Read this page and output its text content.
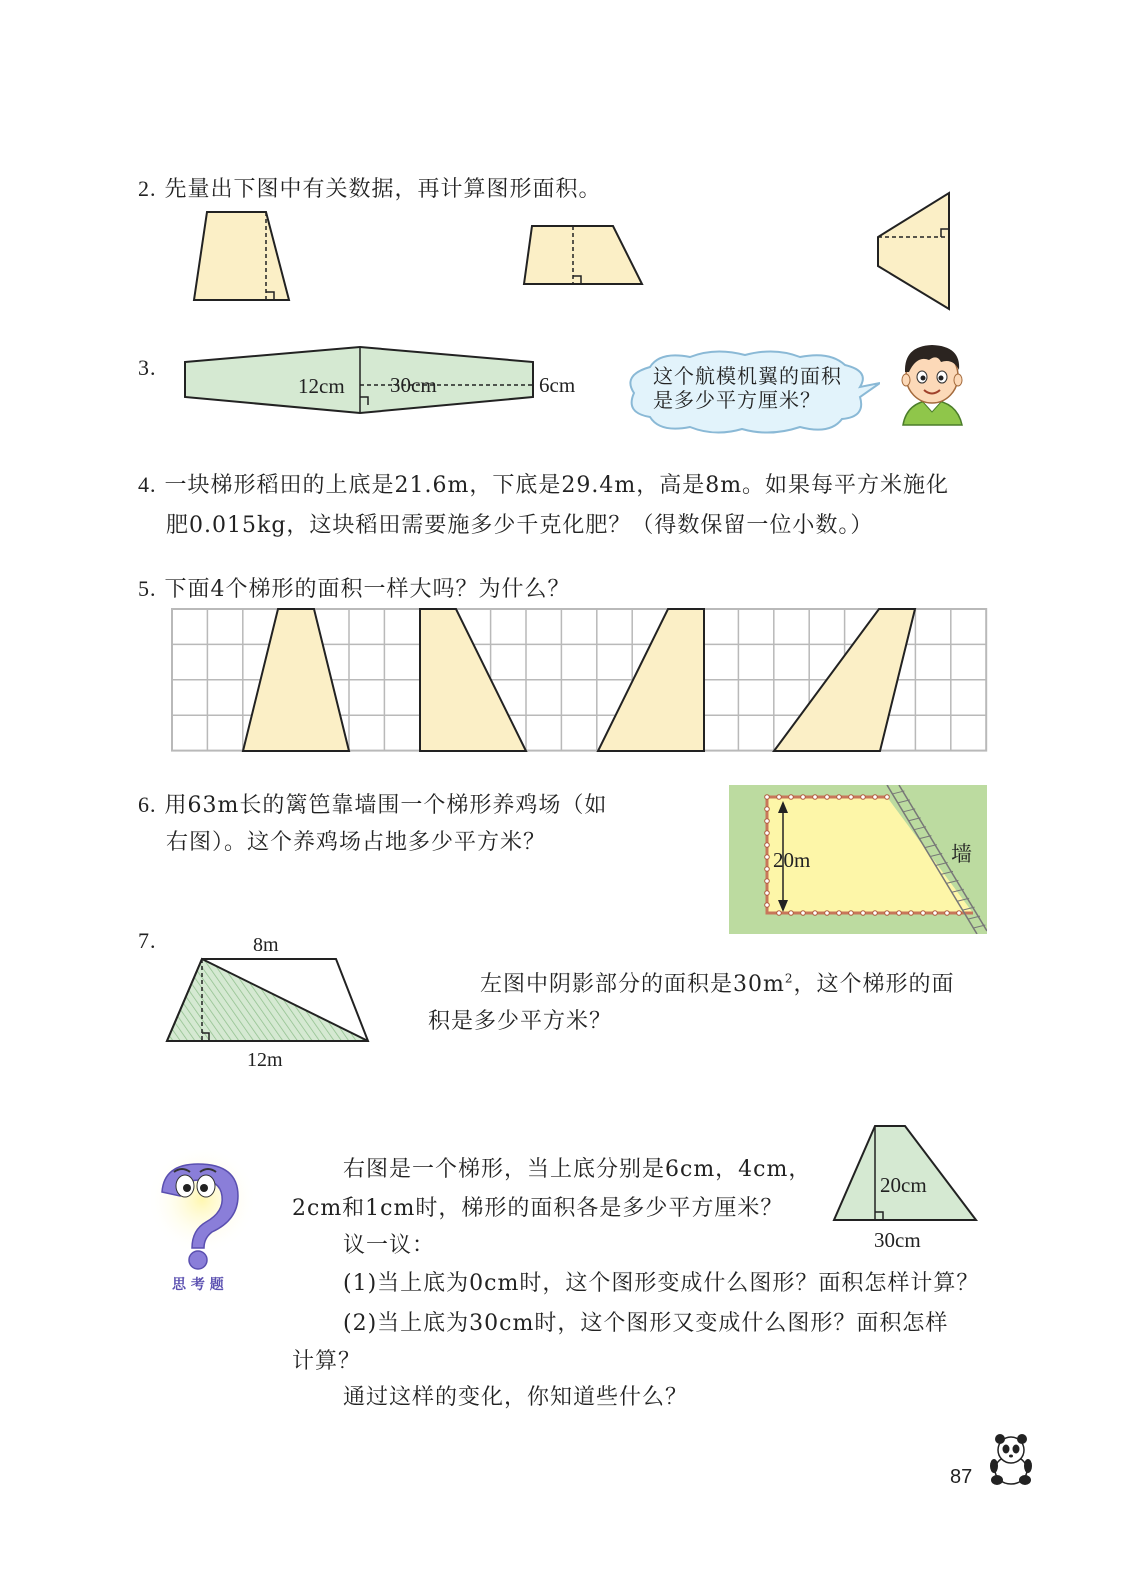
2. 先量出下图中有关数据，再计算图形面积。
3.
12cm 30cm	6cm	这个航模机翼的面积
是多少平方厘米？
4. 一块梯形稻田的上底是21.6m，下底是29.4m，高是8m。如果每平方米施化
肥0.015kg，这块稻田需要施多少千克化肥？（得数保留一位小数。）
5. 下面4个梯形的面积一样大吗？为什么？
6. 用63m长的篱笆靠墙围一个梯形养鸡场（如
右图）。这个养鸡场占地多少平方米？
20m	墙
7.	8m
12m
左图中阴影部分的面积是$30m^2$，这个梯形的面
积是多少平方米？
思 考 题
右图是一个梯形，当上底分别是6cm，4cm，
2cm和1cm时，梯形的面积各是多少平方厘米？
议一议：
(1)当上底为0cm时，这个图形变成什么图形？面积怎样计算？
(2)当上底为30cm时，这个图形又变成什么图形？面积怎样
计算？
通过这样的变化，你知道些什么？
20cm
30cm
87
